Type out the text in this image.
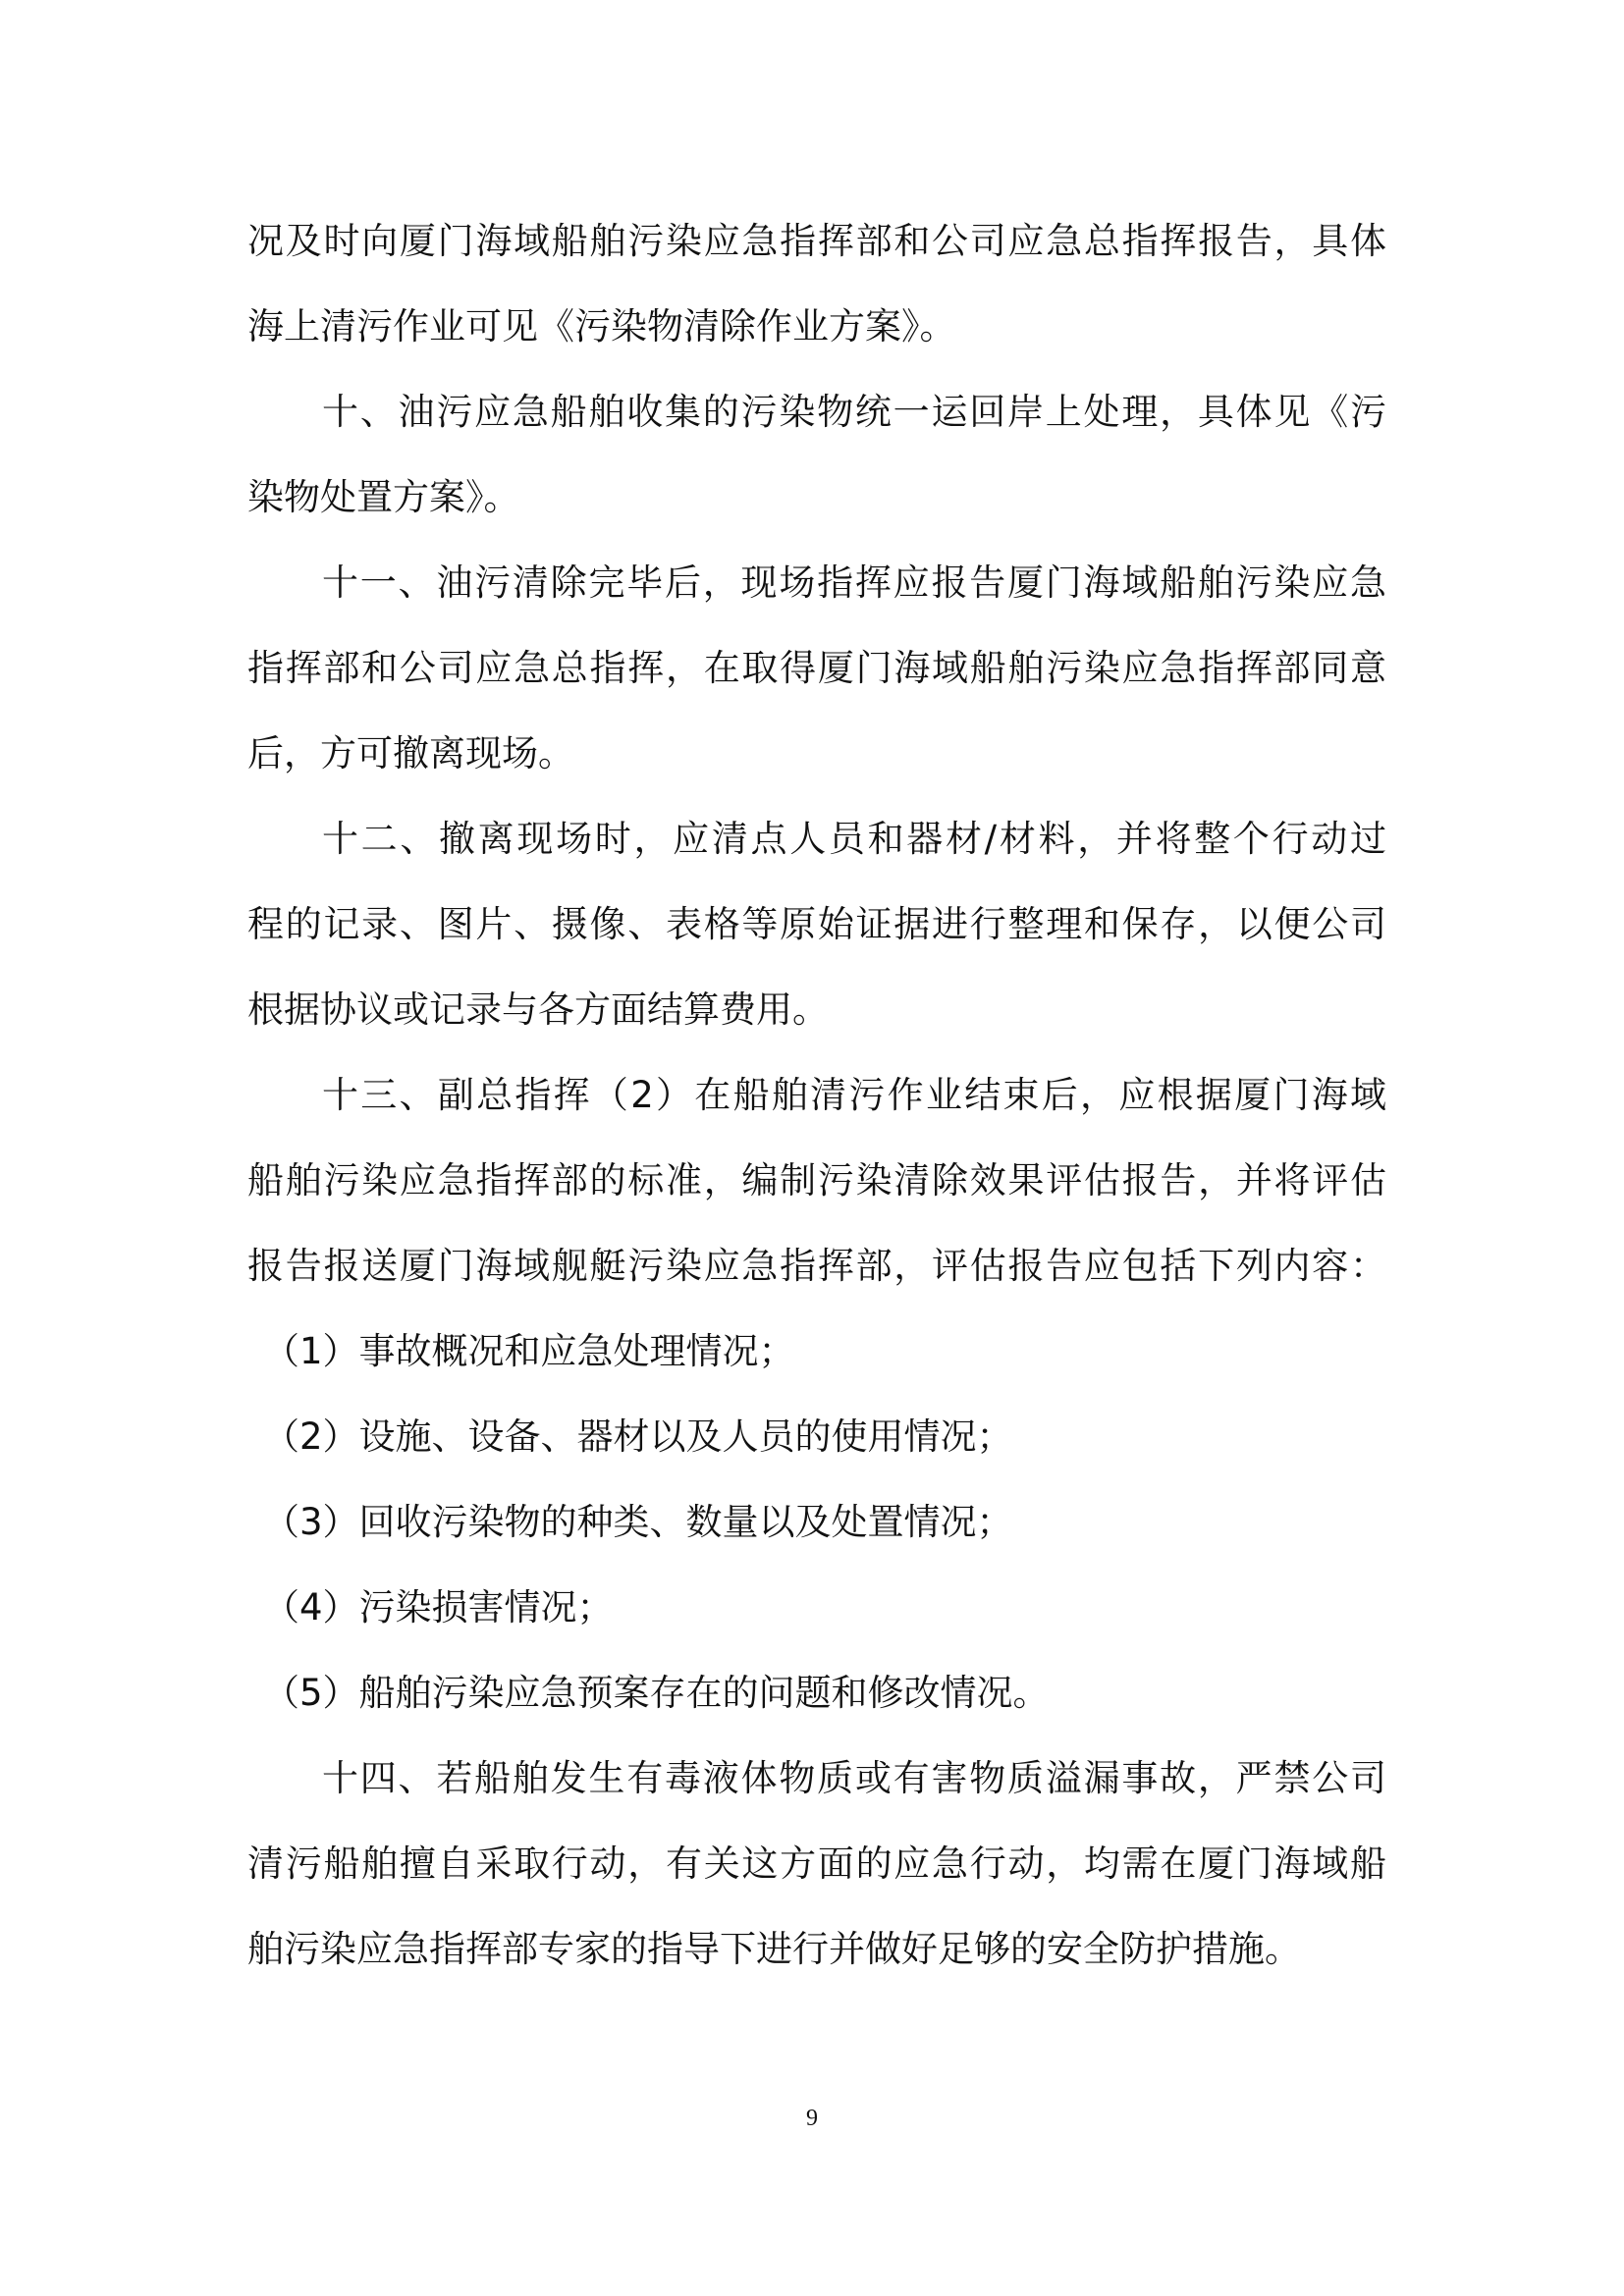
况及时向厦门海域船舶污染应急指挥部和公司应急总指挥报告，具体
海上清污作业可见《污染物清除作业方案》。
十、油污应急船舶收集的污染物统一运回岸上处理，具体见《污
染物处置方案》。
十一、油污清除完毕后，现场指挥应报告厦门海域船舶污染应急
指挥部和公司应急总指挥，在取得厦门海域船舶污染应急指挥部同意
后，方可撤离现场。
十二、撤离现场时，应清点人员和器材/材料，并将整个行动过
程的记录、图片、摄像、表格等原始证据进行整理和保存，以便公司
根据协议或记录与各方面结算费用。
十三、副总指挥（2）在船舶清污作业结束后，应根据厦门海域
船舶污染应急指挥部的标准，编制污染清除效果评估报告，并将评估
报告报送厦门海域舰艇污染应急指挥部，评估报告应包括下列内容：
（1）事故概况和应急处理情况；
（2）设施、设备、器材以及人员的使用情况；
（3）回收污染物的种类、数量以及处置情况；
（4）污染损害情况；
（5）船舶污染应急预案存在的问题和修改情况。
十四、若船舶发生有毒液体物质或有害物质溢漏事故，严禁公司
清污船舶擅自采取行动，有关这方面的应急行动，均需在厦门海域船
舶污染应急指挥部专家的指导下进行并做好足够的安全防护措施。
9
